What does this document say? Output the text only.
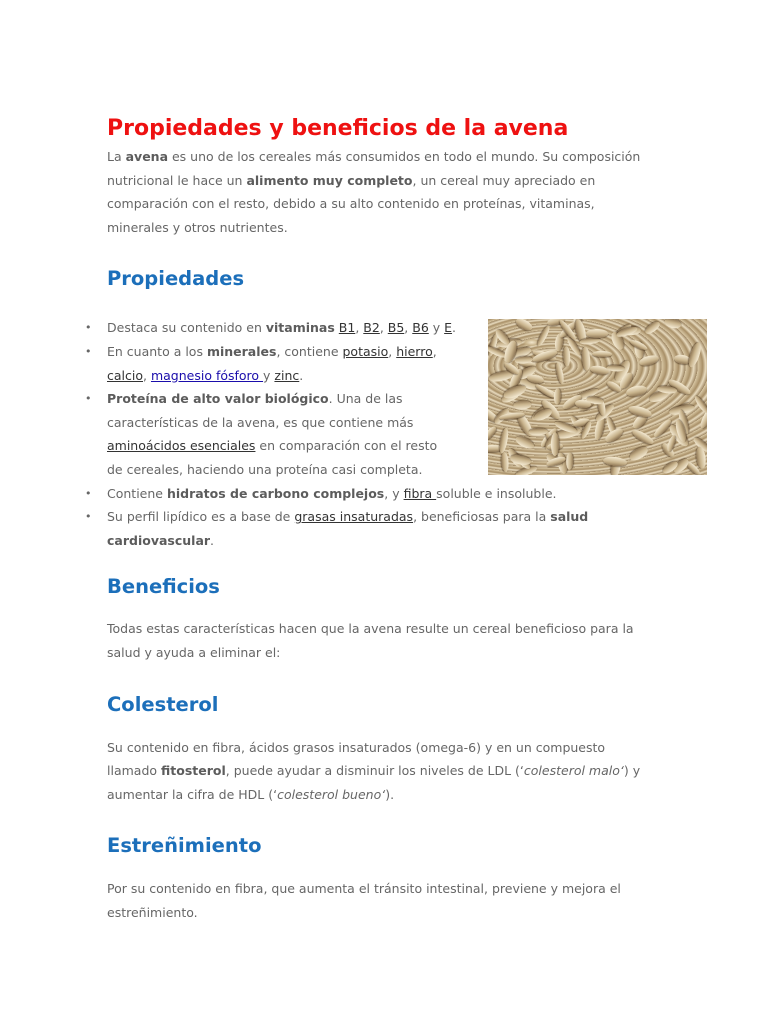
Propiedades y beneficios de la avena

La avena es uno de los cereales más consumidos en todo el mundo. Su composición nutricional le hace un alimento muy completo, un cereal muy apreciado en comparación con el resto, debido a su alto contenido en proteínas, vitaminas, minerales y otros nutrientes.

Propiedades
• Destaca su contenido en vitaminas B1, B2, B5, B6 y E.
• En cuanto a los minerales, contiene potasio, hierro, calcio, magnesio fósforo y zinc.
• Proteína de alto valor biológico. Una de las características de la avena, es que contiene más aminoácidos esenciales en comparación con el resto de cereales, haciendo una proteína casi completa.
• Contiene hidratos de carbono complejos, y fibra soluble e insoluble.
• Su perfil lipídico es a base de grasas insaturadas, beneficiosas para la salud cardiovascular.
Beneficios

Todas estas características hacen que la avena resulte un cereal beneficioso para la salud y ayuda a eliminar el:

Colesterol

Su contenido en fibra, ácidos grasos insaturados (omega-6) y en un compuesto llamado fitosterol, puede ayudar a disminuir los niveles de LDL (‘colesterol malo‘) y aumentar la cifra de HDL (‘colesterol bueno‘).

Estreñimiento

Por su contenido en fibra, que aumenta el tránsito intestinal, previene y mejora el estreñimiento.
